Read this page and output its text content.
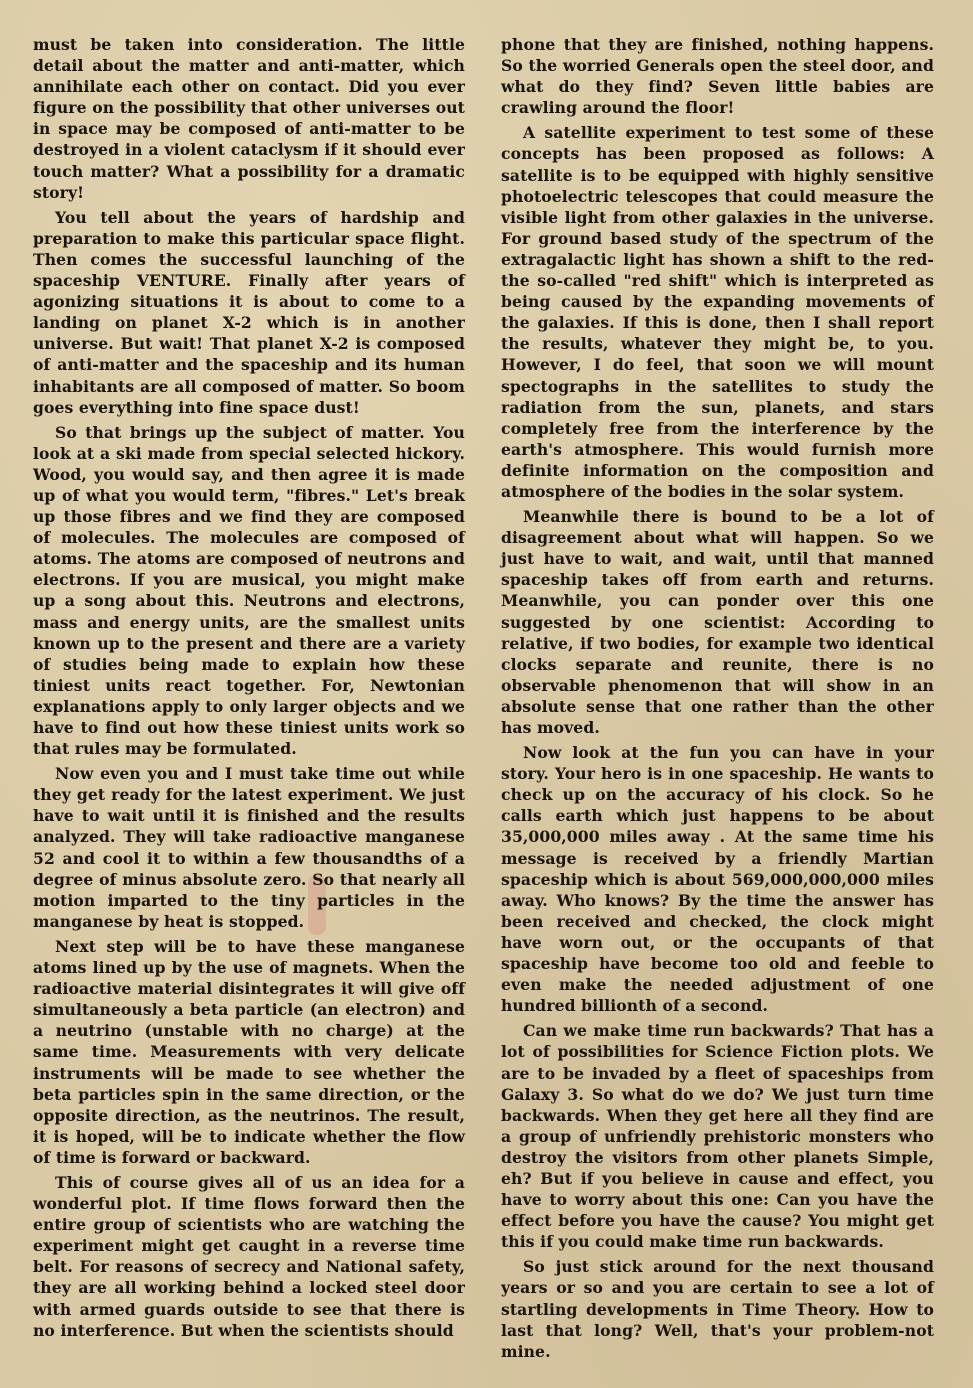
must be taken into consideration. The little detail about the matter and anti-matter, which annihilate each other on contact. Did you ever figure on the possibility that other universes out in space may be composed of anti-matter to be destroyed in a violent cataclysm if it should ever touch matter? What a possibility for a dramatic story!

You tell about the years of hardship and preparation to make this particular space flight. Then comes the successful launching of the spaceship VENTURE. Finally after years of agonizing situations it is about to come to a landing on planet X-2 which is in another universe. But wait! That planet X-2 is composed of anti-matter and the spaceship and its human inhabitants are all composed of matter. So boom goes everything into fine space dust!

So that brings up the subject of matter. You look at a ski made from special selected hickory. Wood, you would say, and then agree it is made up of what you would term, "fibres." Let's break up those fibres and we find they are composed of molecules. The molecules are composed of atoms. The atoms are composed of neutrons and electrons. If you are musical, you might make up a song about this. Neutrons and electrons, mass and energy units, are the smallest units known up to the present and there are a variety of studies being made to explain how these tiniest units react together. For, Newtonian explanations apply to only larger objects and we have to find out how these tiniest units work so that rules may be formulated.

Now even you and I must take time out while they get ready for the latest experiment. We just have to wait until it is finished and the results analyzed. They will take radioactive manganese 52 and cool it to within a few thousandths of a degree of minus absolute zero. So that nearly all motion imparted to the tiny particles in the manganese by heat is stopped.

Next step will be to have these manganese atoms lined up by the use of magnets. When the radioactive material disintegrates it will give off simultaneously a beta particle (an electron) and a neutrino (unstable with no charge) at the same time. Measurements with very delicate instruments will be made to see whether the beta particles spin in the same direction, or the opposite direction, as the neutrinos. The result, it is hoped, will be to indicate whether the flow of time is forward or backward.

This of course gives all of us an idea for a wonderful plot. If time flows forward then the entire group of scientists who are watching the experiment might get caught in a reverse time belt. For reasons of secrecy and National safety, they are all working behind a locked steel door with armed guards outside to see that there is no interference. But when the scientists should

phone that they are finished, nothing happens. So the worried Generals open the steel door, and what do they find? Seven little babies are crawling around the floor!

A satellite experiment to test some of these concepts has been proposed as follows: A satellite is to be equipped with highly sensitive photoelectric telescopes that could measure the visible light from other galaxies in the universe. For ground based study of the spectrum of the extragalactic light has shown a shift to the red- the so-called "red shift" which is interpreted as being caused by the expanding movements of the galaxies. If this is done, then I shall report the results, whatever they might be, to you. However, I do feel, that soon we will mount spectographs in the satellites to study the radiation from the sun, planets, and stars completely free from the interference by the earth's atmosphere. This would furnish more definite information on the composition and atmosphere of the bodies in the solar system.

Meanwhile there is bound to be a lot of disagreement about what will happen. So we just have to wait, and wait, until that manned spaceship takes off from earth and returns. Meanwhile, you can ponder over this one suggested by one scientist: According to relative, if two bodies, for example two identical clocks separate and reunite, there is no observable phenomenon that will show in an absolute sense that one rather than the other has moved.

Now look at the fun you can have in your story. Your hero is in one spaceship. He wants to check up on the accuracy of his clock. So he calls earth which just happens to be about 35,000,000 miles away . At the same time his message is received by a friendly Martian spaceship which is about 569,000,000,000 miles away. Who knows? By the time the answer has been received and checked, the clock might have worn out, or the occupants of that spaceship have become too old and feeble to even make the needed adjustment of one hundred billionth of a second.

Can we make time run backwards? That has a lot of possibilities for Science Fiction plots. We are to be invaded by a fleet of spaceships from Galaxy 3. So what do we do? We just turn time backwards. When they get here all they find are a group of unfriendly prehistoric monsters who destroy the visitors from other planets Simple, eh? But if you believe in cause and effect, you have to worry about this one: Can you have the effect before you have the cause? You might get this if you could make time run backwards.

So just stick around for the next thousand years or so and you are certain to see a lot of startling developments in Time Theory. How to last that long? Well, that's your problem-not mine.
